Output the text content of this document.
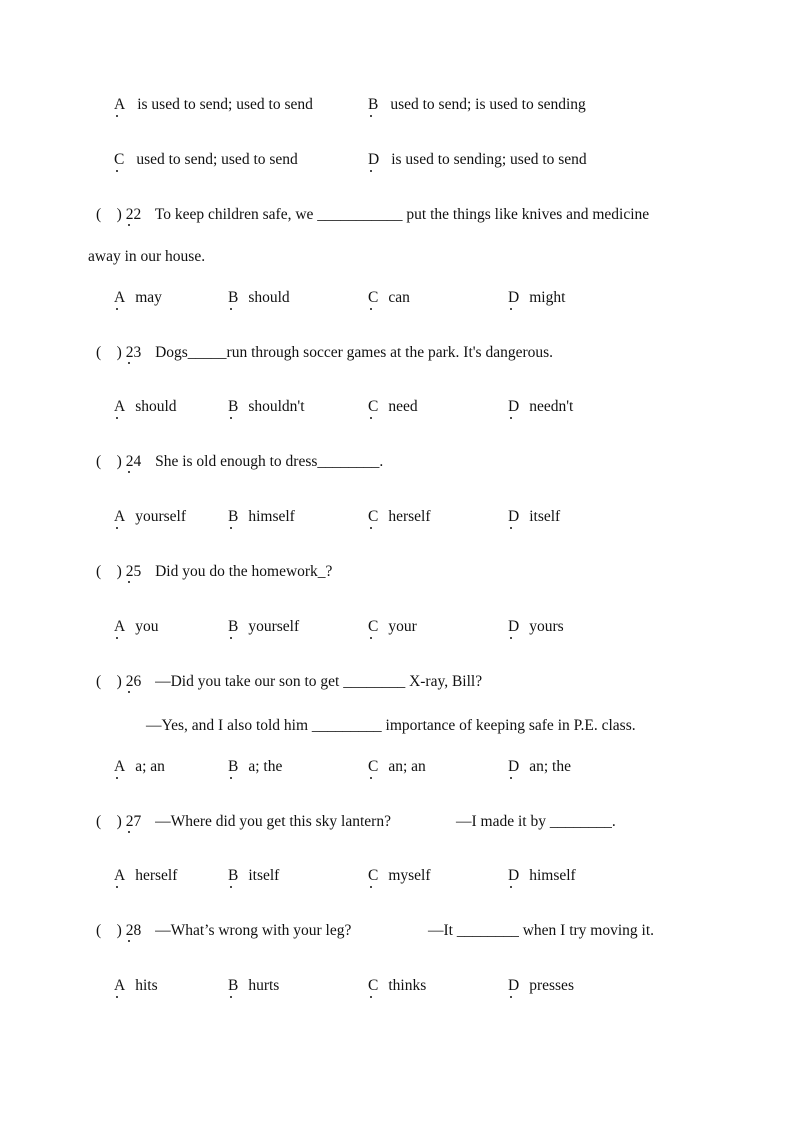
A is used to send; used to send	B used to send; is used to sending
C used to send; used to send	D is used to sending; used to send
(    ) 22 To keep children safe, we ___________ put the things like knives and medicine
away in our house.
A may	B should	C can	D might
(    ) 23 Dogs_____run through soccer games at the park. It's dangerous.
A should	B shouldn't	C need	D needn't
(    ) 24 She is old enough to dress________.
A yourself	B himself	C herself	D itself
(    ) 25 Did you do the homework_?
A you	B yourself	C your	D yours
(    ) 26 —Did you take our son to get ________ X-ray, Bill?
—Yes, and I also told him _________ importance of keeping safe in P.E. class.
A a; an	B a; the	C an; an	D an; the
(    ) 27 —Where did you get this sky lantern?	—I made it by ________.
A herself	B itself	C myself	D himself
(    ) 28 —What’s wrong with your leg?	—It ________ when I try moving it.
A hits	B hurts	C thinks	D presses
